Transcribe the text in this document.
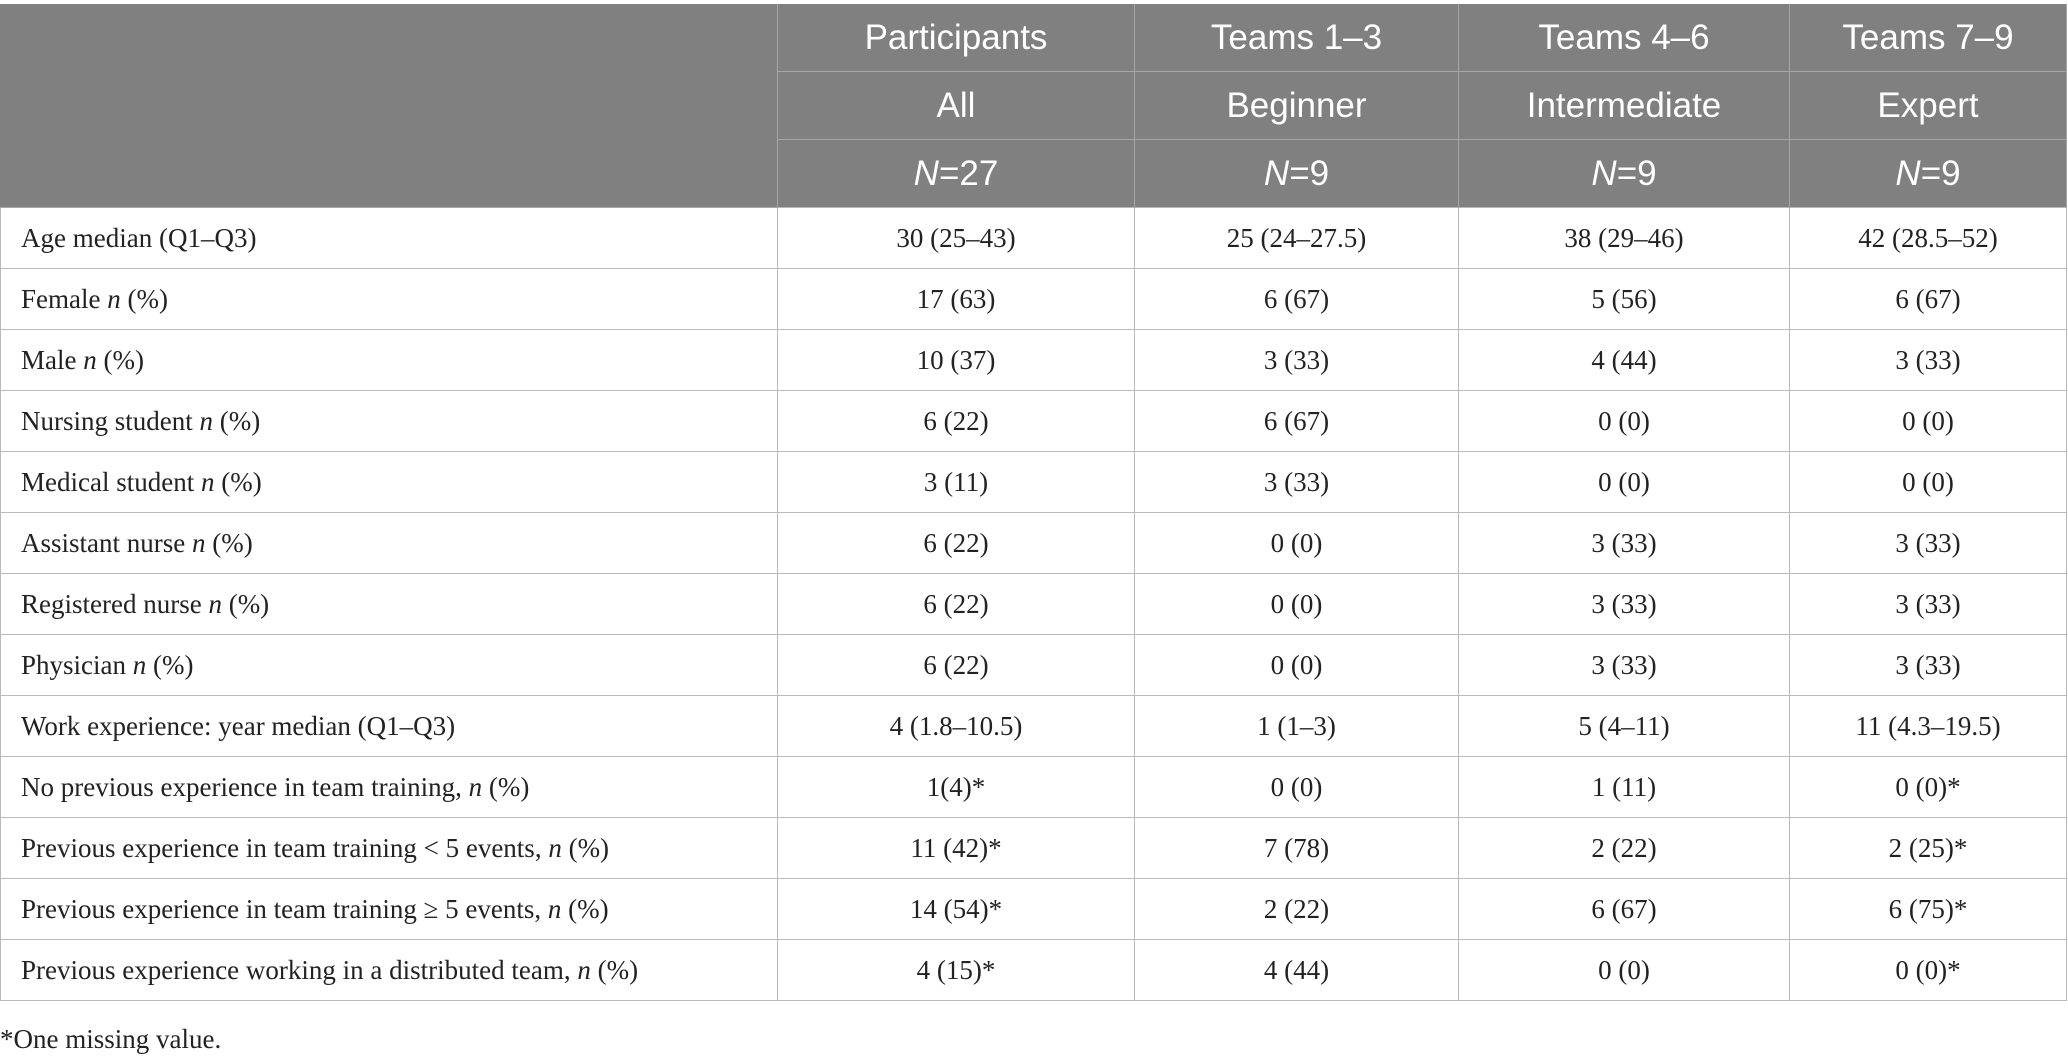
	Participants	Teams 1–3	Teams 4–6	Teams 7–9
	All	Beginner	Intermediate	Expert
	N=27	N=9	N=9	N=9
Age median (Q1–Q3)	30 (25–43)	25 (24–27.5)	38 (29–46)	42 (28.5–52)
Female n (%)	17 (63)	6 (67)	5 (56)	6 (67)
Male n (%)	10 (37)	3 (33)	4 (44)	3 (33)
Nursing student n (%)	6 (22)	6 (67)	0 (0)	0 (0)
Medical student n (%)	3 (11)	3 (33)	0 (0)	0 (0)
Assistant nurse n (%)	6 (22)	0 (0)	3 (33)	3 (33)
Registered nurse n (%)	6 (22)	0 (0)	3 (33)	3 (33)
Physician n (%)	6 (22)	0 (0)	3 (33)	3 (33)
Work experience: year median (Q1–Q3)	4 (1.8–10.5)	1 (1–3)	5 (4–11)	11 (4.3–19.5)
No previous experience in team training, n (%)	1(4)*	0 (0)	1 (11)	0 (0)*
Previous experience in team training < 5 events, n (%)	11 (42)*	7 (78)	2 (22)	2 (25)*
Previous experience in team training ≥ 5 events, n (%)	14 (54)*	2 (22)	6 (67)	6 (75)*
Previous experience working in a distributed team, n (%)	4 (15)*	4 (44)	0 (0)	0 (0)*
*One missing value.
